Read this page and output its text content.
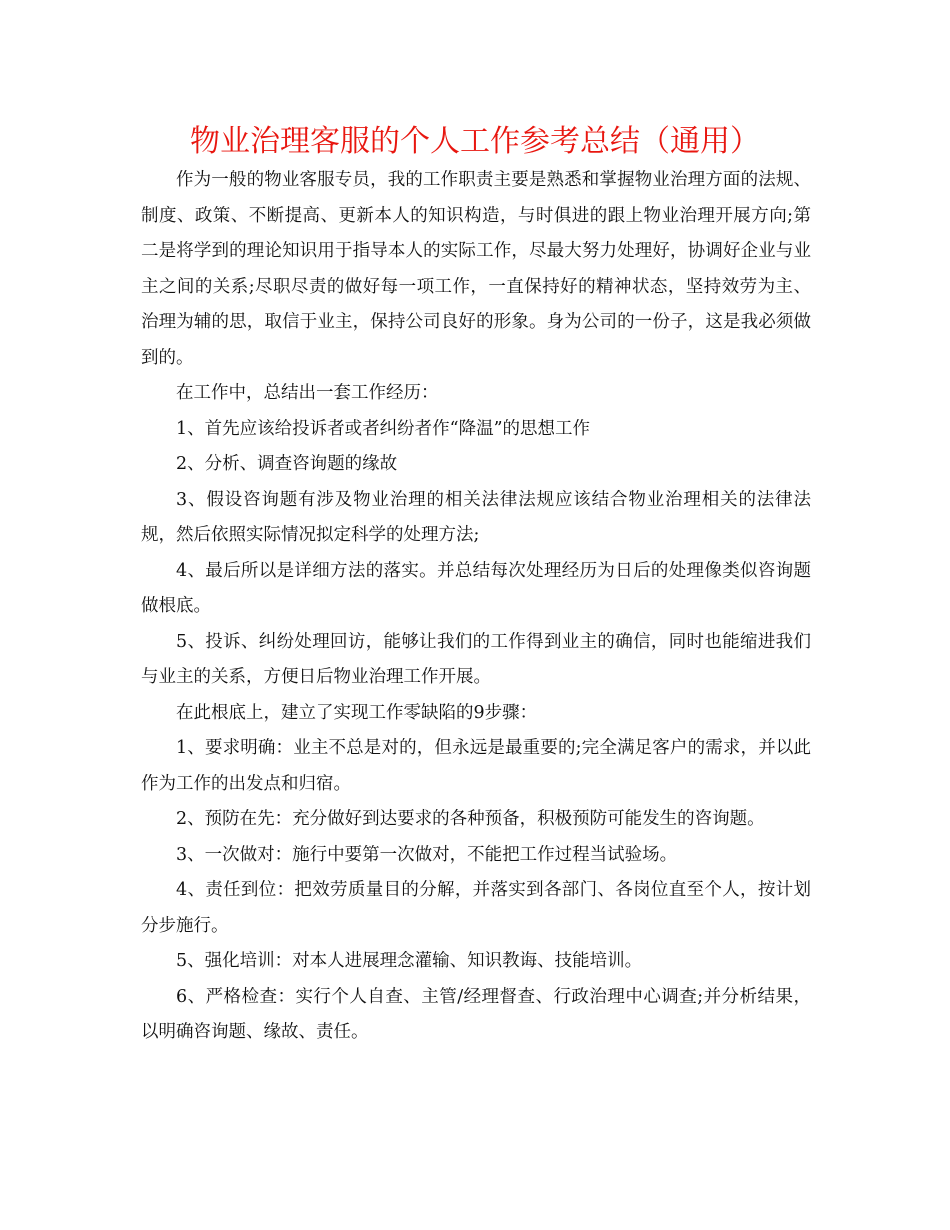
物业治理客服的个人工作参考总结（通用）

作为一般的物业客服专员，我的工作职责主要是熟悉和掌握物业治理方面的法规、制度、政策、不断提高、更新本人的知识构造，与时俱进的跟上物业治理开展方向;第二是将学到的理论知识用于指导本人的实际工作，尽最大努力处理好，协调好企业与业主之间的关系;尽职尽责的做好每一项工作，一直保持好的精神状态，坚持效劳为主、治理为辅的思，取信于业主，保持公司良好的形象。身为公司的一份子，这是我必须做到的。

在工作中，总结出一套工作经历：

1、首先应该给投诉者或者纠纷者作“降温”的思想工作

2、分析、调查咨询题的缘故

3、假设咨询题有涉及物业治理的相关法律法规应该结合物业治理相关的法律法规，然后依照实际情况拟定科学的处理方法;

4、最后所以是详细方法的落实。并总结每次处理经历为日后的处理像类似咨询题做根底。

5、投诉、纠纷处理回访，能够让我们的工作得到业主的确信，同时也能缩进我们与业主的关系，方便日后物业治理工作开展。

在此根底上，建立了实现工作零缺陷的9步骤：

1、要求明确：业主不总是对的，但永远是最重要的;完全满足客户的需求，并以此作为工作的出发点和归宿。

2、预防在先：充分做好到达要求的各种预备，积极预防可能发生的咨询题。

3、一次做对：施行中要第一次做对，不能把工作过程当试验场。

4、责任到位：把效劳质量目的分解，并落实到各部门、各岗位直至个人，按计划分步施行。

5、强化培训：对本人进展理念灌输、知识教诲、技能培训。

6、严格检查：实行个人自查、主管/经理督查、行政治理中心调查;并分析结果，以明确咨询题、缘故、责任。
